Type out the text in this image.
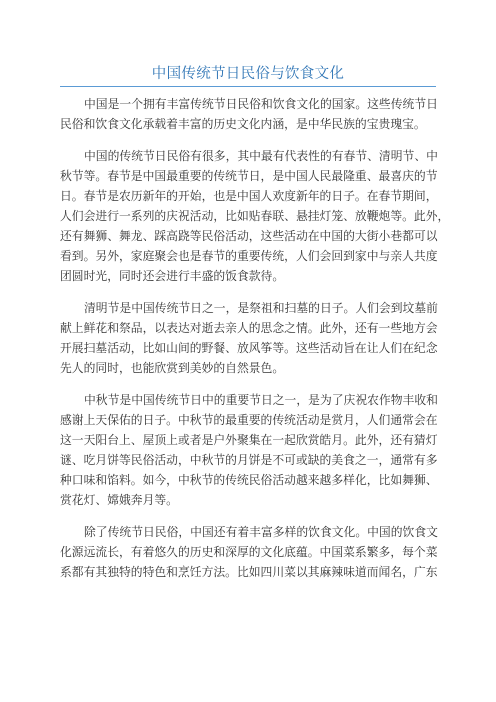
中国传统节日民俗与饮食文化

中国是一个拥有丰富传统节日民俗和饮食文化的国家。这些传统节日
民俗和饮食文化承载着丰富的历史文化内涵，是中华民族的宝贵瑰宝。

中国的传统节日民俗有很多，其中最有代表性的有春节、清明节、中
秋节等。春节是中国最重要的传统节日，是中国人民最隆重、最喜庆的节
日。春节是农历新年的开始，也是中国人欢度新年的日子。在春节期间，
人们会进行一系列的庆祝活动，比如贴春联、悬挂灯笼、放鞭炮等。此外，
还有舞狮、舞龙、踩高跷等民俗活动，这些活动在中国的大街小巷都可以
看到。另外，家庭聚会也是春节的重要传统，人们会回到家中与亲人共度
团圆时光，同时还会进行丰盛的饭食款待。

清明节是中国传统节日之一，是祭祖和扫墓的日子。人们会到坟墓前
献上鲜花和祭品，以表达对逝去亲人的思念之情。此外，还有一些地方会
开展扫墓活动，比如山间的野餐、放风筝等。这些活动旨在让人们在纪念
先人的同时，也能欣赏到美妙的自然景色。

中秋节是中国传统节日中的重要节日之一，是为了庆祝农作物丰收和
感谢上天保佑的日子。中秋节的最重要的传统活动是赏月，人们通常会在
这一天阳台上、屋顶上或者是户外聚集在一起欣赏皓月。此外，还有猜灯
谜、吃月饼等民俗活动，中秋节的月饼是不可或缺的美食之一，通常有多
种口味和馅料。如今，中秋节的传统民俗活动越来越多样化，比如舞狮、
赏花灯、嫦娥奔月等。

除了传统节日民俗，中国还有着丰富多样的饮食文化。中国的饮食文
化源远流长，有着悠久的历史和深厚的文化底蕴。中国菜系繁多，每个菜
系都有其独特的特色和烹饪方法。比如四川菜以其麻辣味道而闻名，广东
